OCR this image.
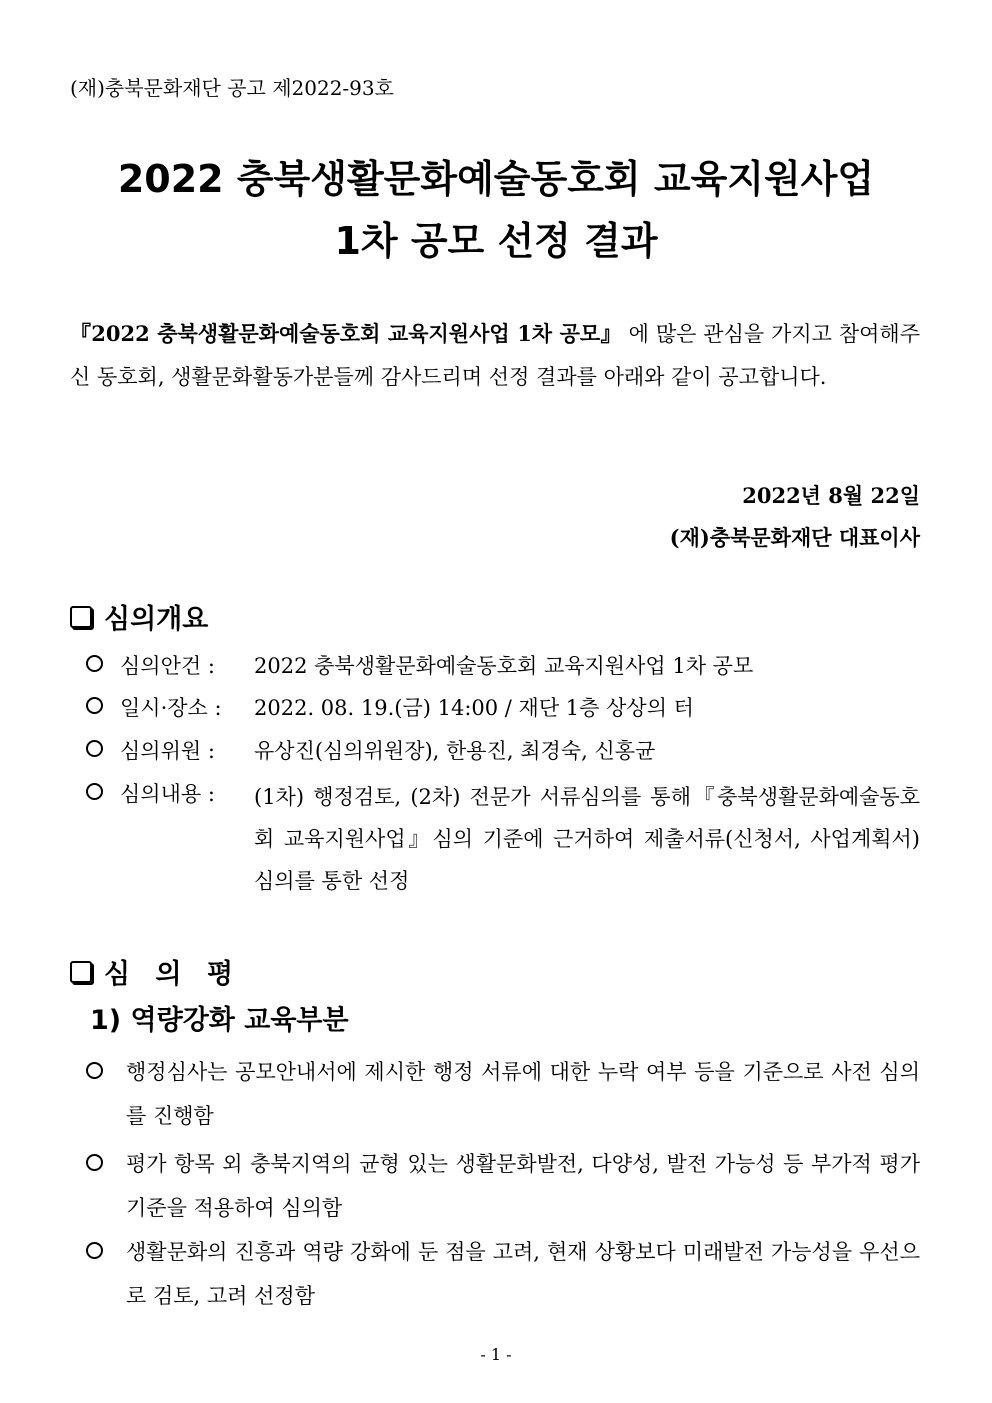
(재)충북문화재단 공고 제2022-93호
2022 충북생활문화예술동호회 교육지원사업
1차 공모 선정 결과
『2022 충북생활문화예술동호회 교육지원사업 1차 공모』 에 많은 관심을 가지고 참여해주신 동호회, 생활문화활동가분들께 감사드리며 선정 결과를 아래와 같이 공고합니다.
2022년 8월 22일
(재)충북문화재단 대표이사
심의개요
심의안건 : 2022 충북생활문화예술동호회 교육지원사업 1차 공모
일시·장소 : 2022. 08. 19.(금) 14:00 / 재단 1층 상상의 터
심의위원 : 유상진(심의위원장), 한용진, 최경숙, 신홍균
심의내용 : (1차) 행정검토, (2차) 전문가 서류심의를 통해『충북생활문화예술동호회 교육지원사업』심의 기준에 근거하여 제출서류(신청서, 사업계획서) 심의를 통한 선정
심 의 평
1) 역량강화 교육부분
행정심사는 공모안내서에 제시한 행정 서류에 대한 누락 여부 등을 기준으로 사전 심의를 진행함
평가 항목 외 충북지역의 균형 있는 생활문화발전, 다양성, 발전 가능성 등 부가적 평가 기준을 적용하여 심의함
생활문화의 진흥과 역량 강화에 둔 점을 고려, 현재 상황보다 미래발전 가능성을 우선으로 검토, 고려 선정함
- 1 -
